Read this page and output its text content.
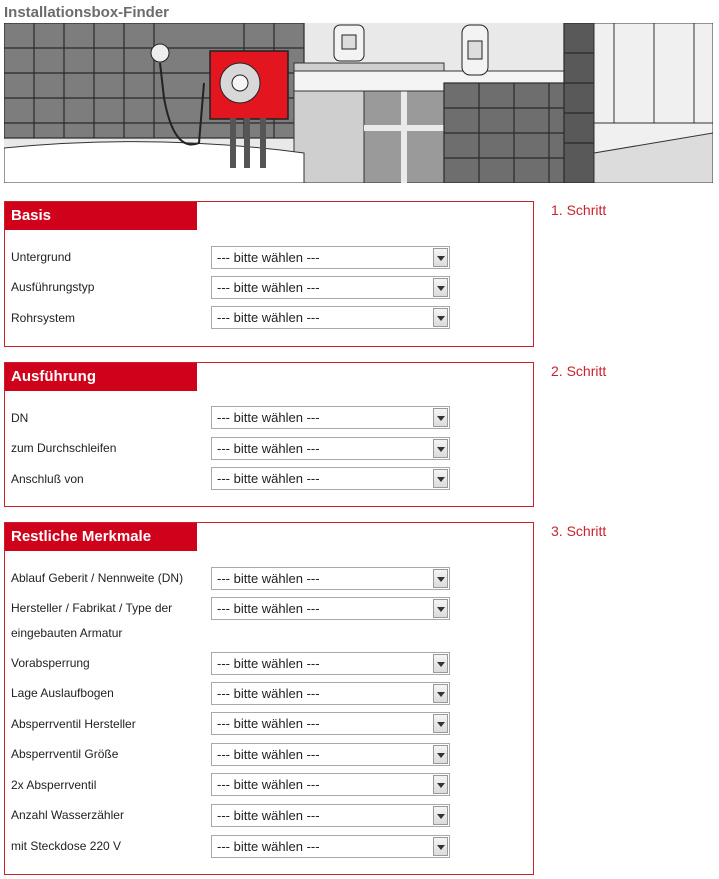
Installationsbox-Finder
Basis
Untergrund	--- bitte wählen ---
Ausführungstyp	--- bitte wählen ---
Rohrsystem	--- bitte wählen ---
1. Schritt
Ausführung
DN	--- bitte wählen ---
zum Durchschleifen	--- bitte wählen ---
Anschluß von	--- bitte wählen ---
2. Schritt
Restliche Merkmale
Ablauf Geberit / Nennweite (DN)	--- bitte wählen ---
Hersteller / Fabrikat / Type der eingebauten Armatur
--- bitte wählen ---
Vorabsperrung	--- bitte wählen ---
Lage Auslaufbogen	--- bitte wählen ---
Absperrventil Hersteller	--- bitte wählen ---
Absperrventil Größe	--- bitte wählen ---
2x Absperrventil	--- bitte wählen ---
Anzahl Wasserzähler	--- bitte wählen ---
mit Steckdose 220 V	--- bitte wählen ---
3. Schritt
